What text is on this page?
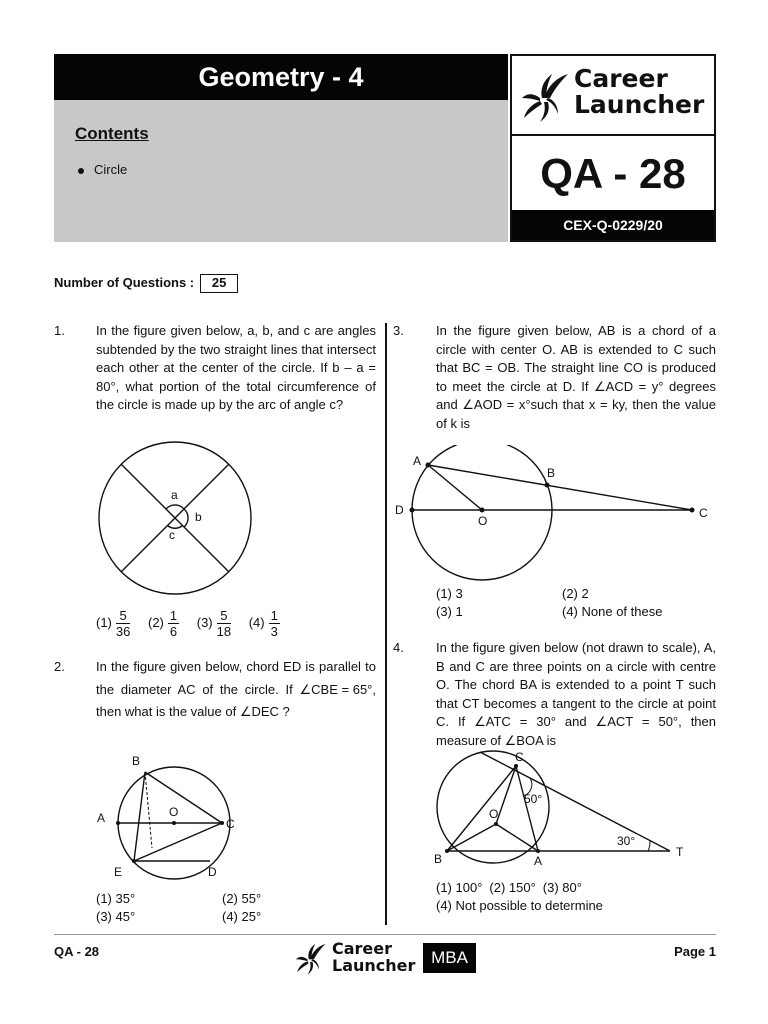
Geometry - 4
Contents
Circle
Career
Launcher
QA - 28
CEX-Q-0229/20
Number of Questions : 25
1. In the figure given below, a, b, and c are angles subtended by the two straight lines that intersect each other at the center of the circle. If b – a = 80°, what portion of the total circumference of the circle is made up by the arc of angle c?
a
b
c
$(1) \frac{5}{36} (2) \frac{1}{6} (3) \frac{5}{18} (4) \frac{1}{3}$
2. In the figure given below, chord ED is parallel to the diameter AC of the circle. If ∠CBE = 65°, then what is the value of ∠DEC ?
B
A	O
C
E	D
(1) 35°	(2) 55°
(3) 45°	(4) 25°
3. In the figure given below, AB is a chord of a circle with center O. AB is extended to C such that BC = OB. The straight line CO is produced to meet the circle at D. If ∠ACD = y° degrees and ∠AOD = x°such that x = ky, then the value of k is
A
B
D
O
C
(1) 3	(2) 2
(3) 1	(4) None of these
4. In the figure given below (not drawn to scale), A, B and C are three points on a circle with centre O. The chord BA is extended to a point T such that CT becomes a tangent to the circle at point C. If ∠ATC = 30° and ∠ACT = 50°, then measure of ∠BOA is
C
O
50°
30°
B	A
T
(1) 100° (2) 150° (3) 80°
(4) Not possible to determine
QA - 28	Career
Launcher MBA	Page 1
